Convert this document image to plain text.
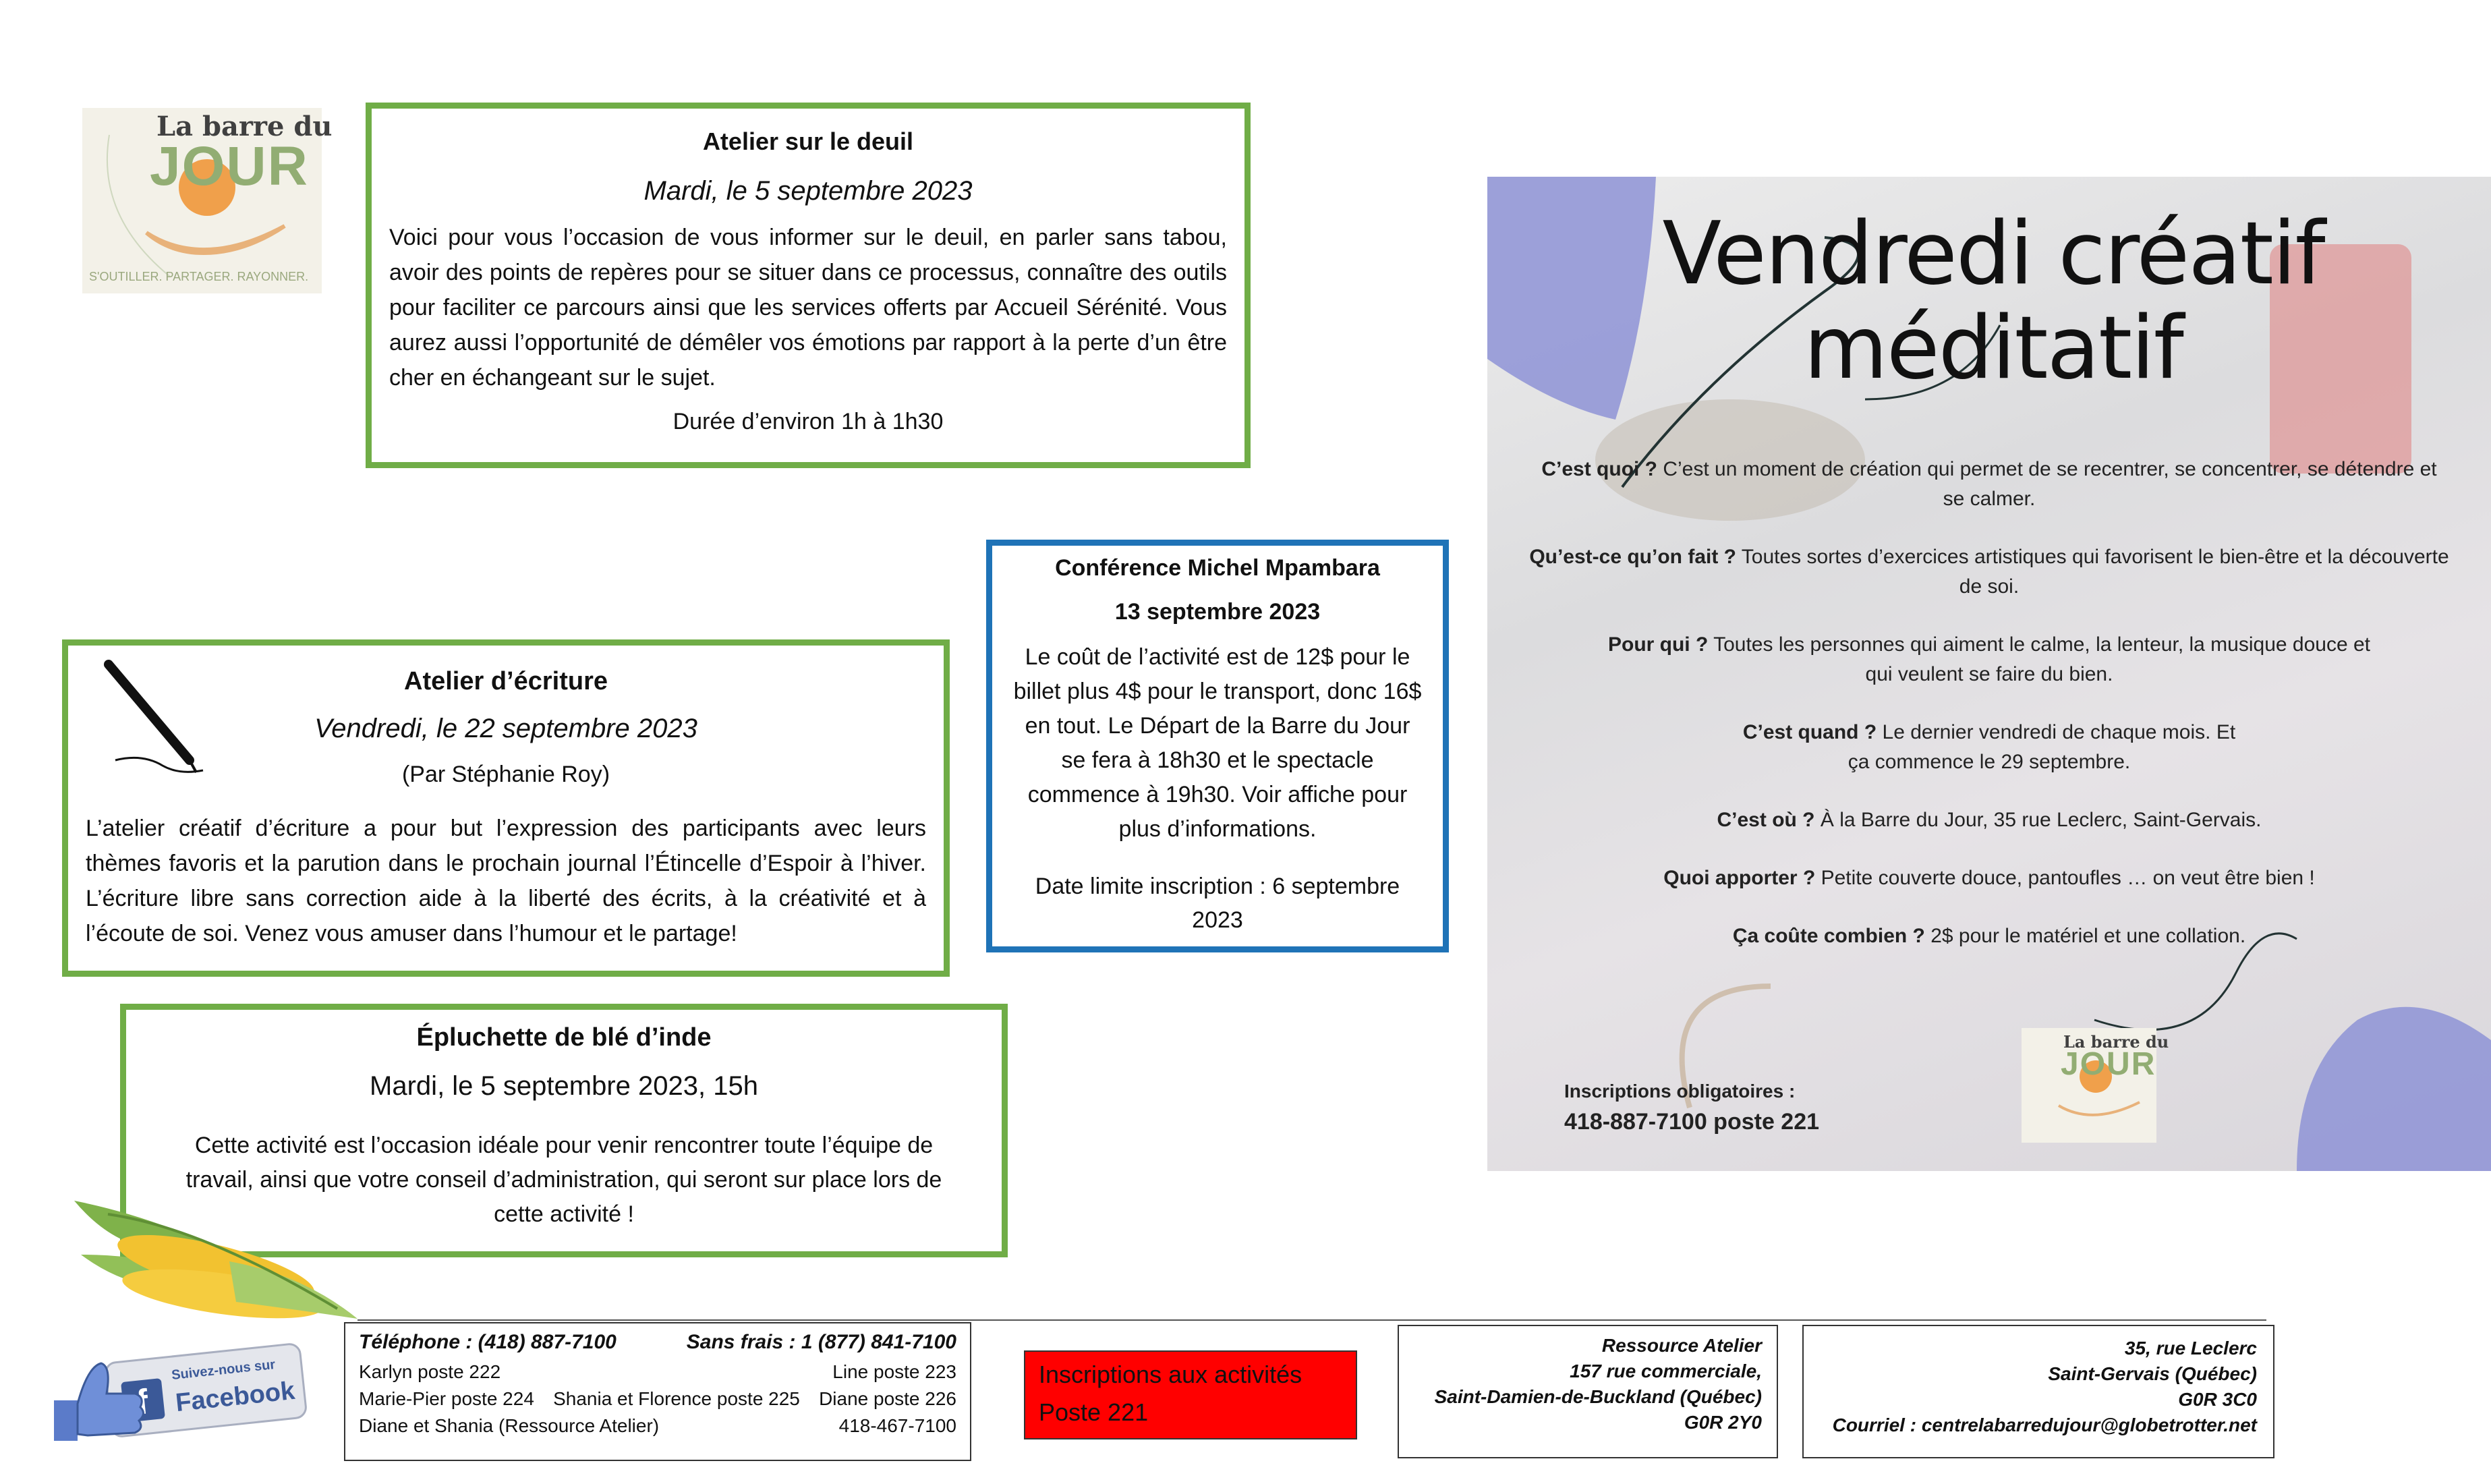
La barre du
JOUR
S'OUTILLER. PARTAGER. RAYONNER.

Atelier sur le deuil

Mardi, le 5 septembre 2023

Voici pour vous l’occasion de vous informer sur le deuil, en parler sans tabou, avoir des points de repères pour se situer dans ce processus, connaître des outils pour faciliter ce parcours ainsi que les services offerts par Accueil Sérénité. Vous aurez aussi l’opportunité de démêler vos émotions par rapport à la perte d’un être cher en échangeant sur le sujet.

Durée d’environ 1h à 1h30

Conférence Michel Mpambara

13 septembre 2023

Le coût de l’activité est de 12$ pour le billet plus 4$ pour le transport, donc 16$ en tout. Le Départ de la Barre du Jour se fera à 18h30 et le spectacle commence à 19h30. Voir affiche pour plus d’informations.

Date limite inscription : 6 septembre 2023

Atelier d’écriture

Vendredi, le 22 septembre 2023

(Par Stéphanie Roy)

L’atelier créatif d’écriture a pour but l’expression des participants avec leurs thèmes favoris et la parution dans le prochain journal l’Étincelle d’Espoir à l’hiver. L’écriture libre sans correction aide à la liberté des écrits, à la créativité et à l’écoute de soi. Venez vous amuser dans l’humour et le partage!

Épluchette de blé d’inde

Mardi, le 5 septembre 2023, 15h

Cette activité est l’occasion idéale pour venir rencontrer toute l’équipe de travail, ainsi que votre conseil d’administration, qui seront sur place lors de cette activité !

Vendredi créatif
méditatif
C’est quoi ? C’est un moment de création qui permet de se recentrer, se concentrer, se détendre et se calmer.
Qu’est-ce qu’on fait ? Toutes sortes d’exercices artistiques qui favorisent le bien-être et la découverte de soi.
Pour qui ? Toutes les personnes qui aiment le calme, la lenteur, la musique douce et qui veulent se faire du bien.
C’est quand ? Le dernier vendredi de chaque mois. Et ça commence le 29 septembre.
C’est où ? À la Barre du Jour, 35 rue Leclerc, Saint-Gervais.
Quoi apporter ? Petite couverte douce, pantoufles … on veut être bien !
Ça coûte combien ? 2$ pour le matériel et une collation.
Inscriptions obligatoires :
418-887-7100 poste 221
La barre du
JOUR
Suivez-nous sur
Facebook
Téléphone : (418) 887-7100	Sans frais : 1 (877) 841-7100
Karlyn poste 222	Line poste 223
Marie-Pier poste 224 Shania et Florence poste 225 Diane poste 226
Diane et Shania (Ressource Atelier)	418-467-7100
Inscriptions aux activités
Poste 221
Ressource Atelier
157 rue commerciale,
Saint-Damien-de-Buckland (Québec)
G0R 2Y0
35, rue Leclerc
Saint-Gervais (Québec)
G0R 3C0
Courriel : centrelabarredujour@globetrotter.net
